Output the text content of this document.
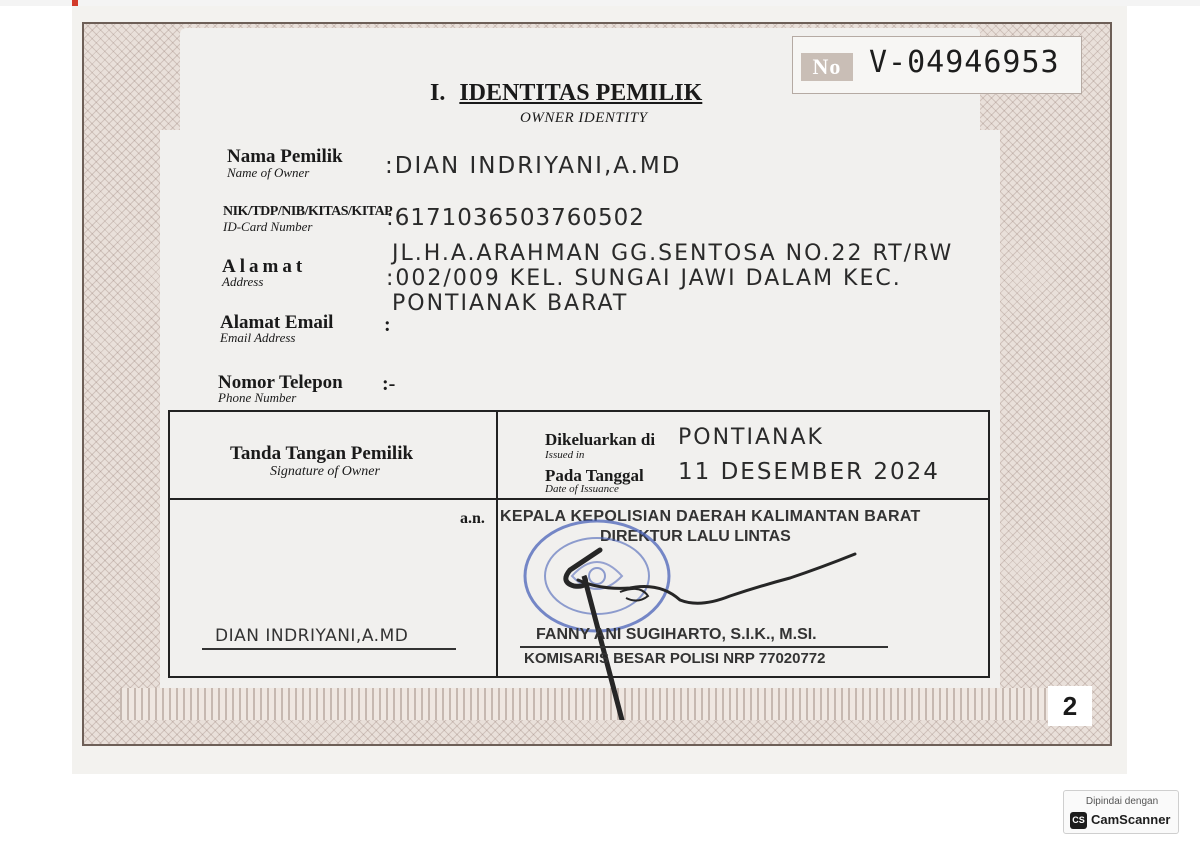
No V-04946953
I. IDENTITAS PEMILIK
OWNER IDENTITY
Nama Pemilik
Name of Owner	:DIAN INDRIYANI,A.MD
NIK/TDP/NIB/KITAS/KITAP
ID-Card Number	:6171036503760502
Alamat
Address
JL.H.A.ARAHMAN GG.SENTOSA NO.22 RT/RW
:002/009 KEL. SUNGAI JAWI DALAM KEC.
PONTIANAK BARAT
Alamat Email
Email Address
:
Nomor Telepon
Phone Number
:-
Tanda Tangan Pemilik
Signature of Owner
Dikeluarkan di
Issued in
PONTIANAK
Pada Tanggal
Date of Issuance
11 DESEMBER 2024
a.n. KEPALA KEPOLISIAN DAERAH KALIMANTAN BARAT
DIREKTUR LALU LINTAS
DIAN INDRIYANI,A.MD	FANNY ANI SUGIHARTO, S.I.K., M.SI.
KOMISARIS BESAR POLISI NRP 77020772
2
Dipindai dengan
CS CamScanner
